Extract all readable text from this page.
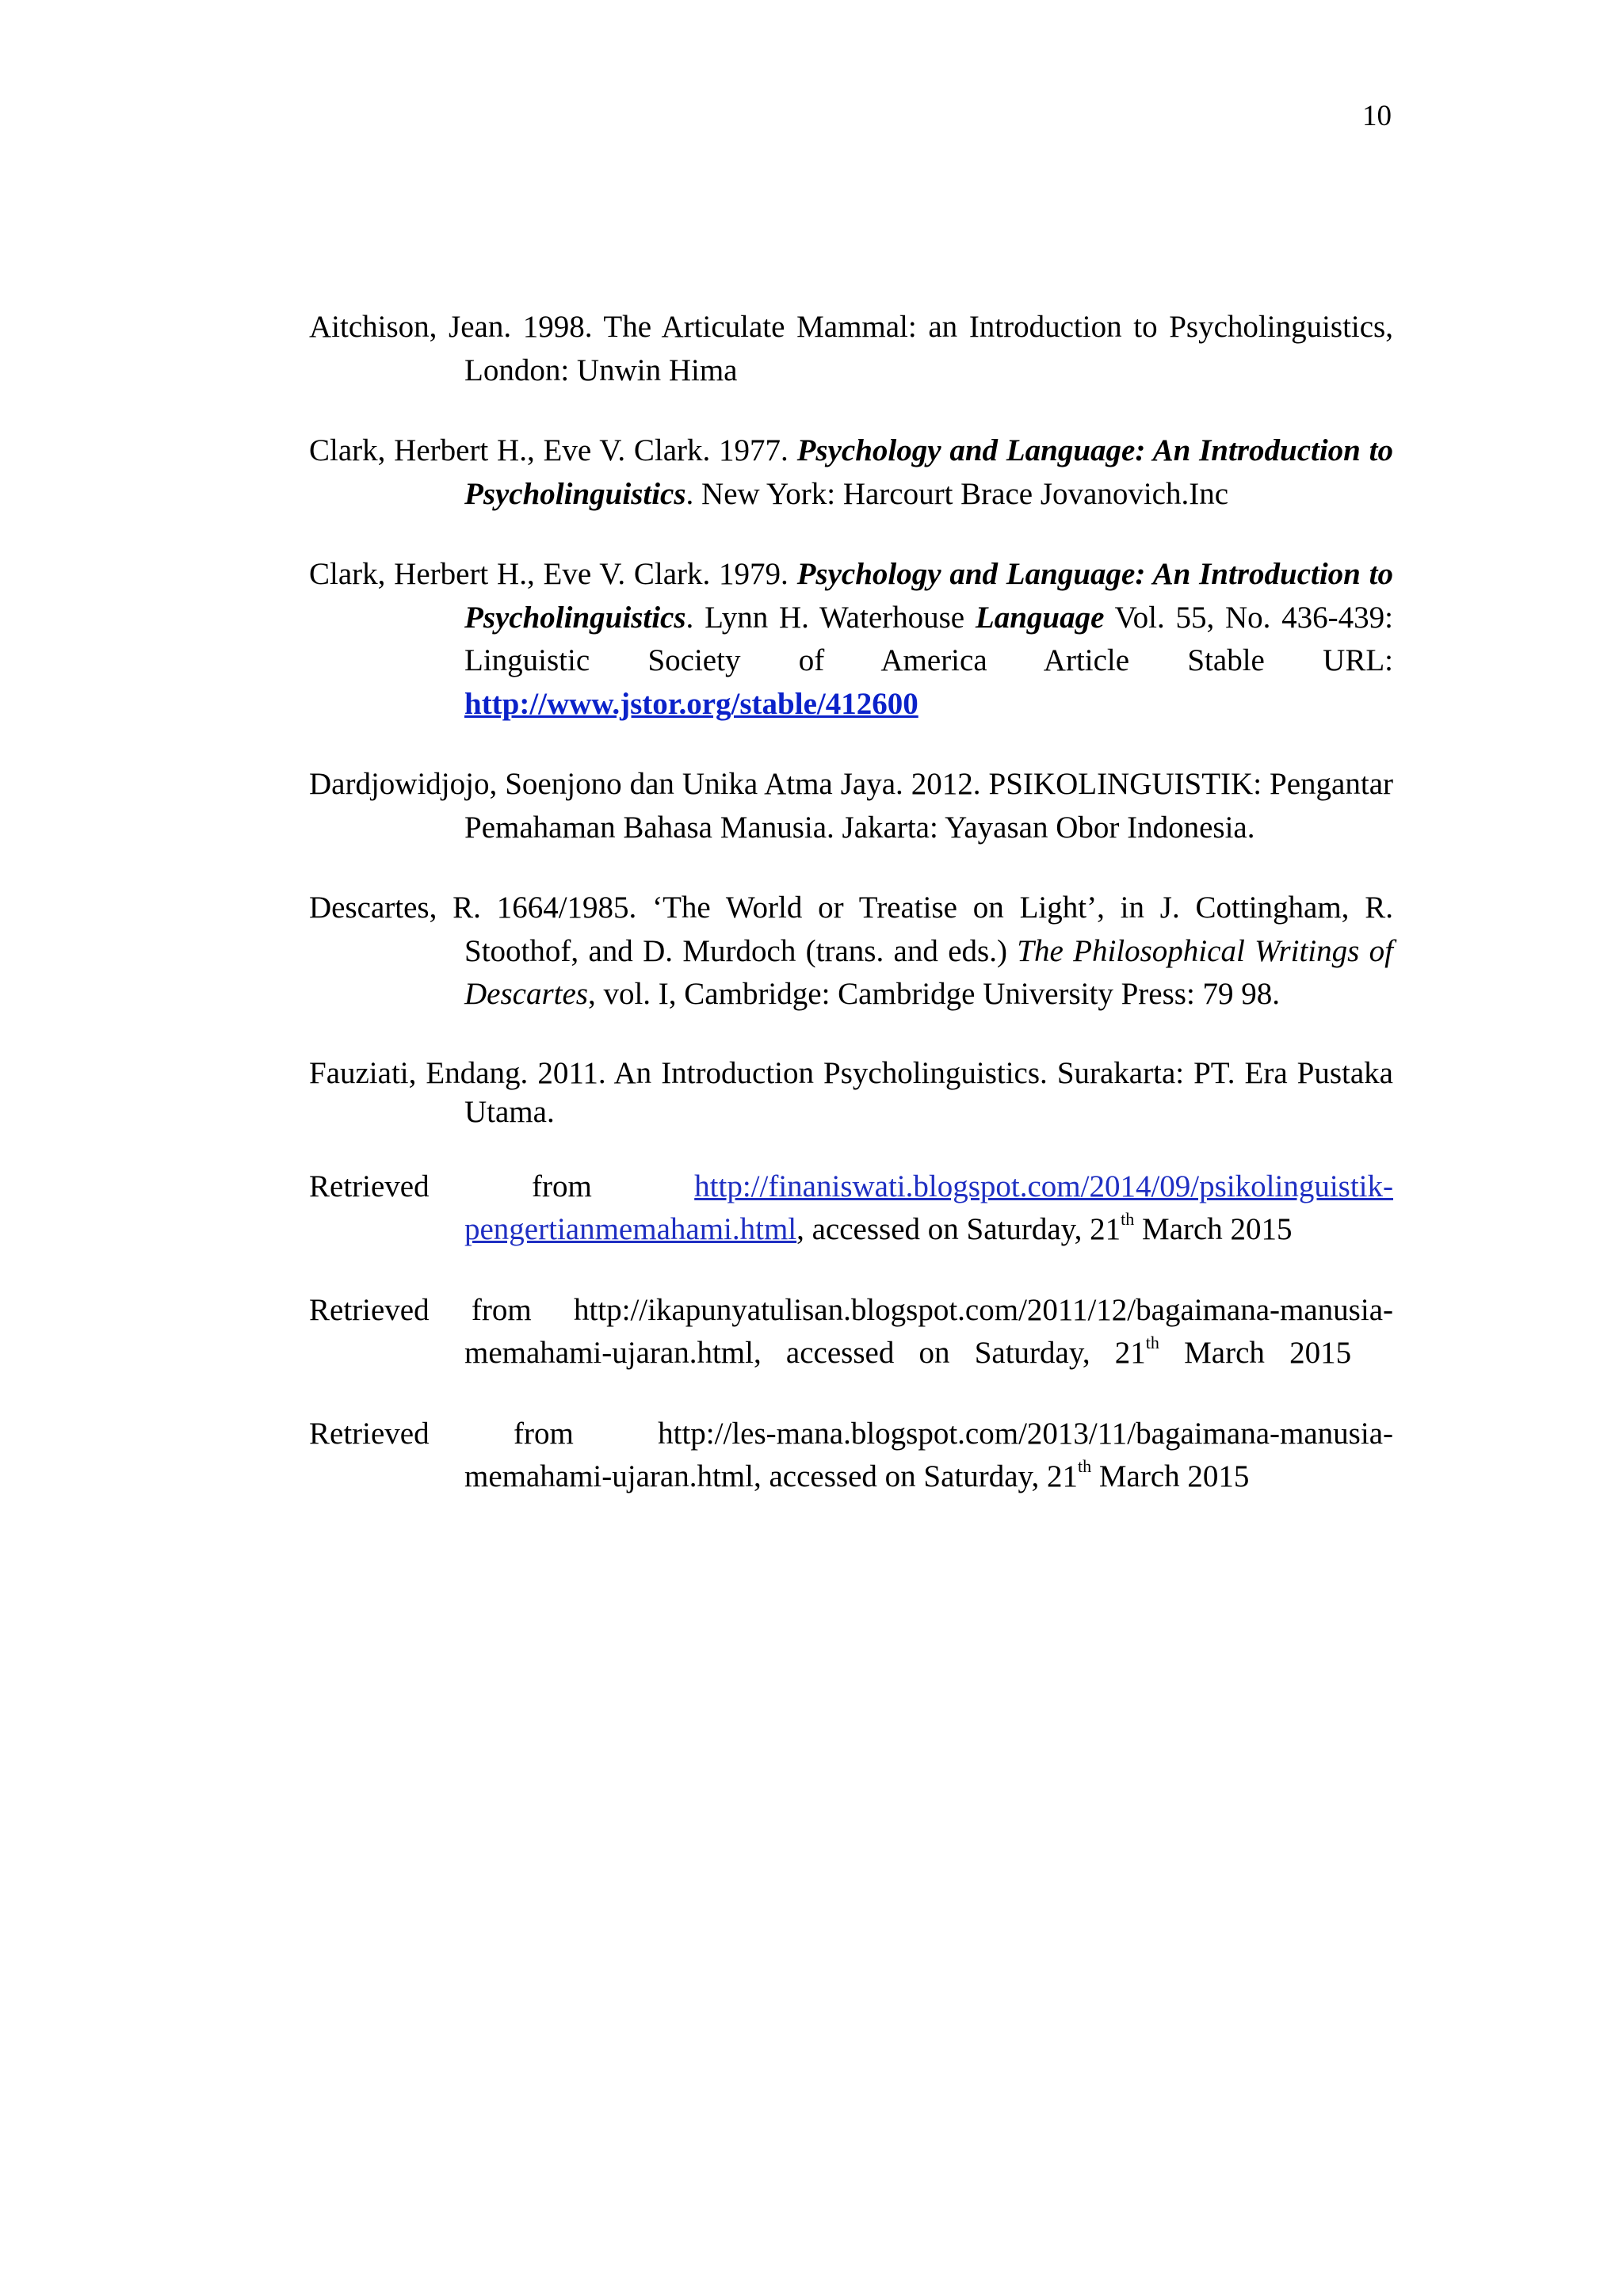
10

Aitchison, Jean. 1998. The Articulate Mammal: an Introduction to Psycholinguistics, London: Unwin Hima

Clark, Herbert H., Eve V. Clark. 1977. Psychology and Language: An Introduction to Psycholinguistics. New York: Harcourt Brace Jovanovich.Inc

Clark, Herbert H., Eve V. Clark. 1979. Psychology and Language: An Introduction to Psycholinguistics. Lynn H. Waterhouse Language Vol. 55, No. 436-439: Linguistic Society of America Article Stable URL: http://www.jstor.org/stable/412600

Dardjowidjojo, Soenjono dan Unika Atma Jaya. 2012. PSIKOLINGUISTIK: Pengantar Pemahaman Bahasa Manusia. Jakarta: Yayasan Obor Indonesia.

Descartes, R. 1664/1985. ‘The World or Treatise on Light’, in J. Cottingham, R. Stoothof, and D. Murdoch (trans. and eds.) The Philosophical Writings of Descartes, vol. I, Cambridge: Cambridge University Press: 79 98.

Fauziati, Endang. 2011. An Introduction Psycholinguistics. Surakarta: PT. Era Pustaka Utama.

Retrieved from http://finaniswati.blogspot.com/2014/09/psikolinguistik-pengertianmemahami.html, accessed on Saturday, 21th March 2015

Retrieved from http://ikapunyatulisan.blogspot.com/2011/12/bagaimana-manusia-memahami-ujaran.html, accessed on Saturday, 21th March 2015

Retrieved from http://les-mana.blogspot.com/2013/11/bagaimana-manusia-memahami-ujaran.html, accessed on Saturday, 21th March 2015
